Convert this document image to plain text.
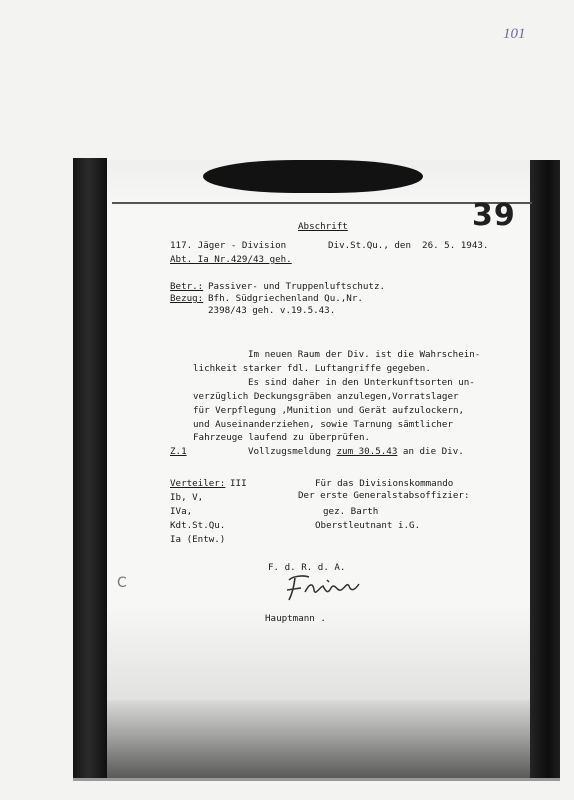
101
39
Abschrift
117. Jäger - Division	Div.St.Qu., den  26. 5. 1943.
Abt. Ia Nr.429/43 geh.
Betr.: Passiver- und Truppenluftschutz.
Bezug: Bfh. Südgriechenland Qu.,Nr.
2398/43 geh. v.19.5.43.
Im neuen Raum der Div. ist die Wahrschein-
lichkeit starker fdl. Luftangriffe gegeben.
Es sind daher in den Unterkunftsorten un-
verzüglich Deckungsgräben anzulegen,Vorratslager
für Verpflegung ,Munition und Gerät aufzulockern,
und Auseinanderziehen, sowie Tarnung sämtlicher
Fahrzeuge laufend zu überprüfen.
Z.1	Vollzugsmeldung zum 30.5.43 an die Div.
Verteiler: III
Ib, V,
IVa,
Kdt.St.Qu.
Ia (Entw.)
Für das Divisionskommando
Der erste Generalstabsoffizier:
gez. Barth
Oberstleutnant i.G.
F. d. R. d. A.
C
Hauptmann .
